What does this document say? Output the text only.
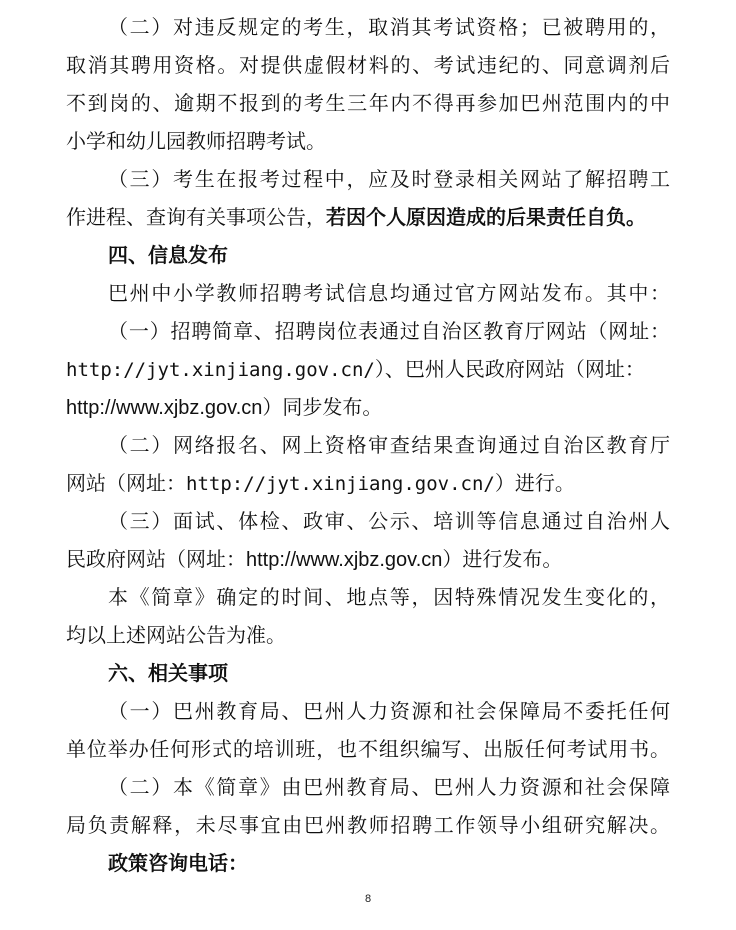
（二）对违反规定的考生，取消其考试资格；已被聘用的，
取消其聘用资格。对提供虚假材料的、考试违纪的、同意调剂后
不到岗的、逾期不报到的考生三年内不得再参加巴州范围内的中
小学和幼儿园教师招聘考试。
（三）考生在报考过程中，应及时登录相关网站了解招聘工
作进程、查询有关事项公告，若因个人原因造成的后果责任自负。
四、信息发布
巴州中小学教师招聘考试信息均通过官方网站发布。其中：
（一）招聘简章、招聘岗位表通过自治区教育厅网站（网址：
http://jyt.xinjiang.gov.cn/）、巴州人民政府网站（网址：
http://www.xjbz.gov.cn）同步发布。
（二）网络报名、网上资格审查结果查询通过自治区教育厅
网站（网址：http://jyt.xinjiang.gov.cn/）进行。
（三）面试、体检、政审、公示、培训等信息通过自治州人
民政府网站（网址：http://www.xjbz.gov.cn）进行发布。
本《简章》确定的时间、地点等，因特殊情况发生变化的，
均以上述网站公告为准。
六、相关事项
（一）巴州教育局、巴州人力资源和社会保障局不委托任何
单位举办任何形式的培训班，也不组织编写、出版任何考试用书。
（二）本《简章》由巴州教育局、巴州人力资源和社会保障
局负责解释，未尽事宜由巴州教师招聘工作领导小组研究解决。
政策咨询电话：
8
